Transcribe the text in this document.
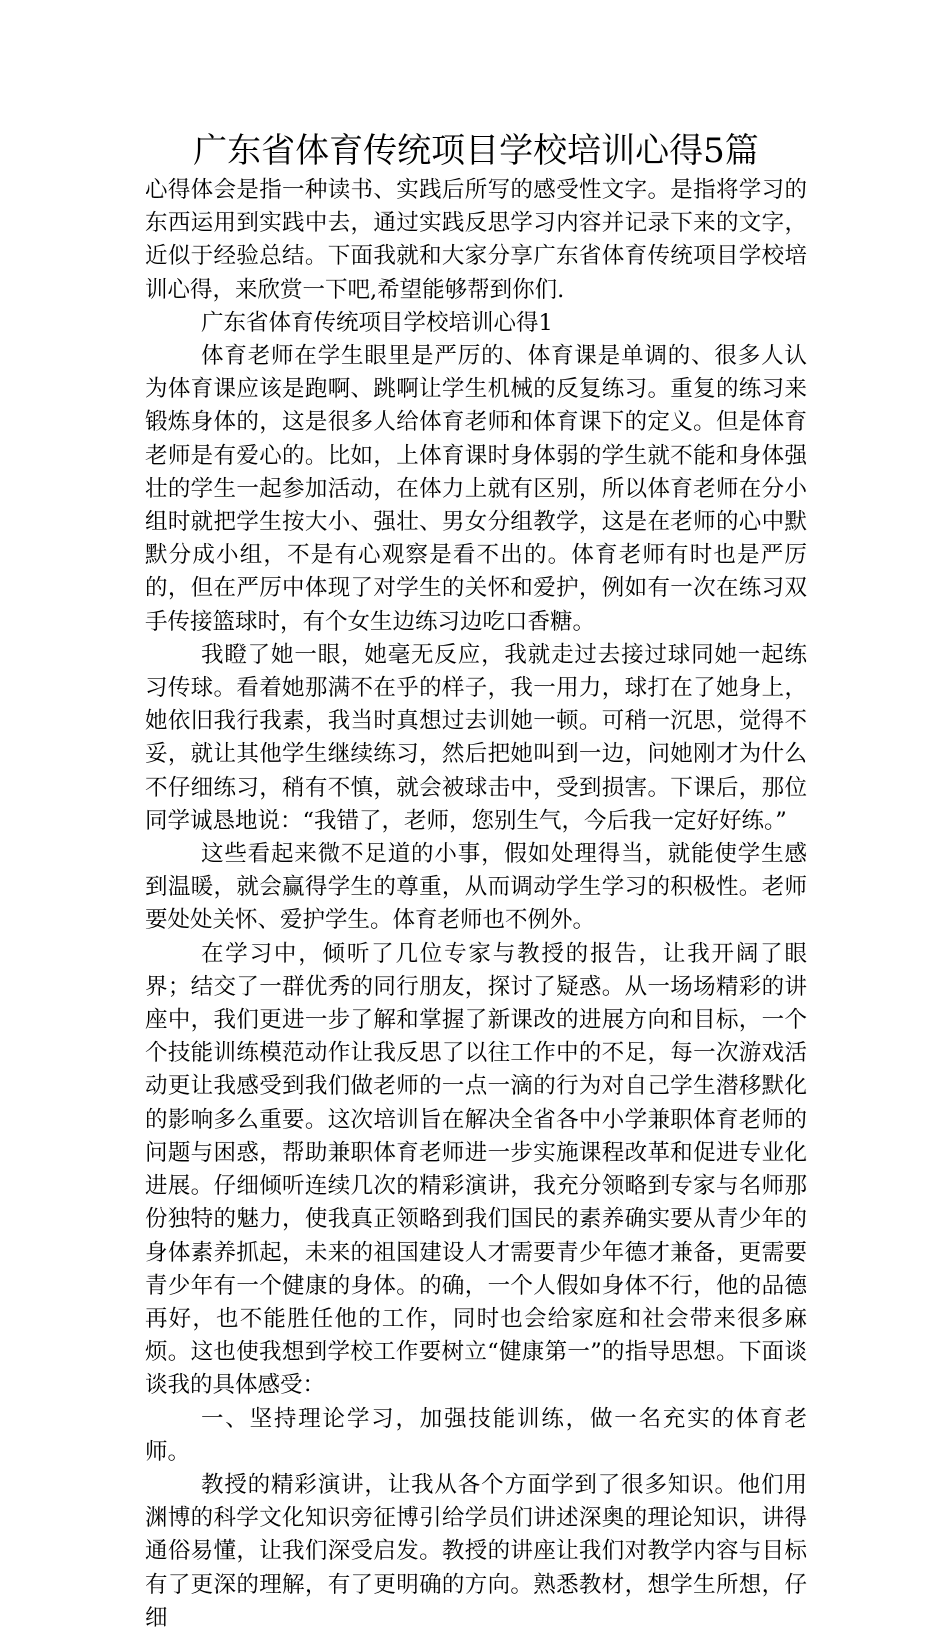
广东省体育传统项目学校培训心得5篇

心得体会是指一种读书、实践后所写的感受性文字。是指将学习的东西运用到实践中去，通过实践反思学习内容并记录下来的文字，近似于经验总结。下面我就和大家分享广东省体育传统项目学校培训心得，来欣赏一下吧,希望能够帮到你们.

广东省体育传统项目学校培训心得1

体育老师在学生眼里是严厉的、体育课是单调的、很多人认为体育课应该是跑啊、跳啊让学生机械的反复练习。重复的练习来锻炼身体的，这是很多人给体育老师和体育课下的定义。但是体育老师是有爱心的。比如，上体育课时身体弱的学生就不能和身体强壮的学生一起参加活动，在体力上就有区别，所以体育老师在分小组时就把学生按大小、强壮、男女分组教学，这是在老师的心中默默分成小组，不是有心观察是看不出的。体育老师有时也是严厉的，但在严厉中体现了对学生的关怀和爱护，例如有一次在练习双手传接篮球时，有个女生边练习边吃口香糖。

我瞪了她一眼，她毫无反应，我就走过去接过球同她一起练习传球。看着她那满不在乎的样子，我一用力，球打在了她身上，她依旧我行我素，我当时真想过去训她一顿。可稍一沉思，觉得不妥，就让其他学生继续练习，然后把她叫到一边，问她刚才为什么不仔细练习，稍有不慎，就会被球击中，受到损害。下课后，那位同学诚恳地说：“我错了，老师，您别生气，今后我一定好好练。”

这些看起来微不足道的小事，假如处理得当，就能使学生感到温暖，就会赢得学生的尊重，从而调动学生学习的积极性。老师要处处关怀、爱护学生。体育老师也不例外。

在学习中，倾听了几位专家与教授的报告，让我开阔了眼界；结交了一群优秀的同行朋友，探讨了疑惑。从一场场精彩的讲座中，我们更进一步了解和掌握了新课改的进展方向和目标，一个个技能训练模范动作让我反思了以往工作中的不足，每一次游戏活动更让我感受到我们做老师的一点一滴的行为对自己学生潜移默化的影响多么重要。这次培训旨在解决全省各中小学兼职体育老师的问题与困惑，帮助兼职体育老师进一步实施课程改革和促进专业化进展。仔细倾听连续几次的精彩演讲，我充分领略到专家与名师那份独特的魅力，使我真正领略到我们国民的素养确实要从青少年的身体素养抓起，未来的祖国建设人才需要青少年德才兼备，更需要青少年有一个健康的身体。的确，一个人假如身体不行，他的品德再好，也不能胜任他的工作，同时也会给家庭和社会带来很多麻烦。这也使我想到学校工作要树立“健康第一”的指导思想。下面谈谈我的具体感受：

一、坚持理论学习，加强技能训练，做一名充实的体育老师。

教授的精彩演讲，让我从各个方面学到了很多知识。他们用渊博的科学文化知识旁征博引给学员们讲述深奥的理论知识，讲得通俗易懂，让我们深受启发。教授的讲座让我们对教学内容与目标有了更深的理解，有了更明确的方向。熟悉教材，想学生所想，仔细
